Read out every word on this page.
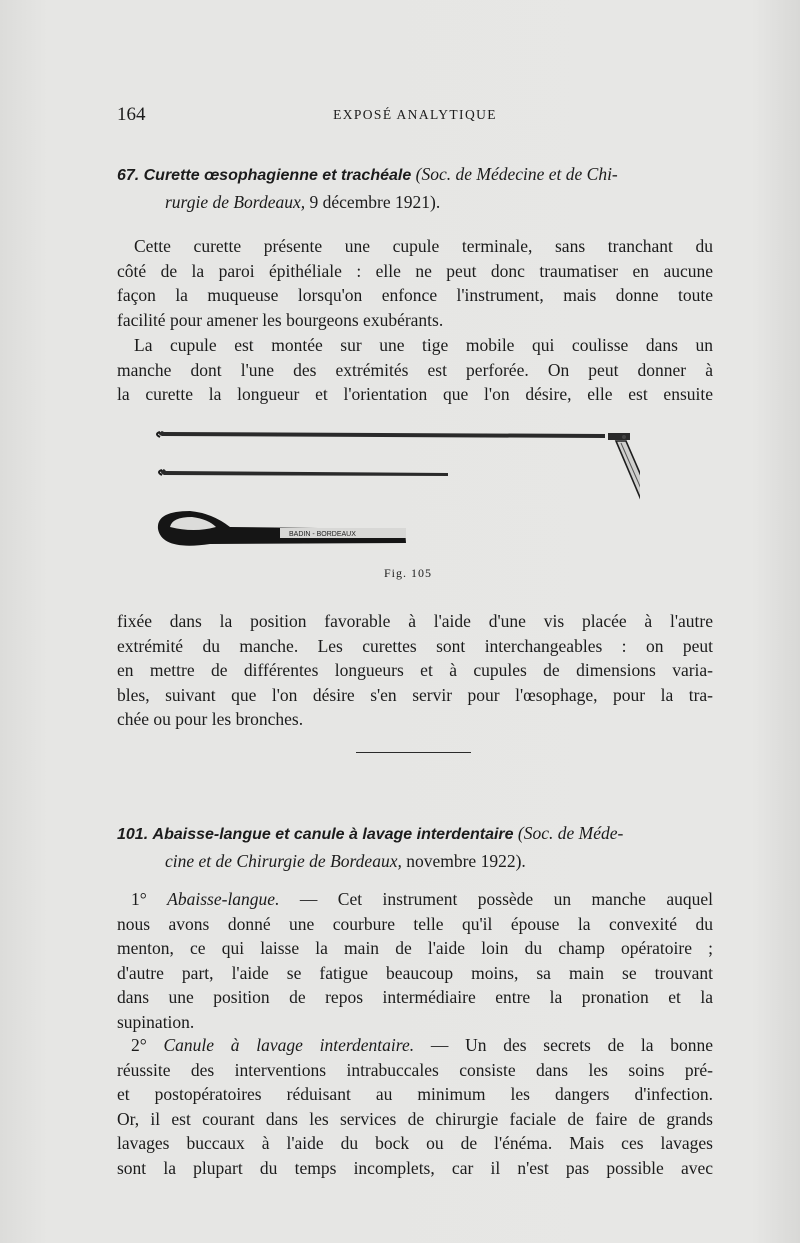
164	EXPOSÉ ANALYTIQUE
67. Curette œsophagienne et trachéale (Soc. de Médecine et de Chi-
rurgie de Bordeaux, 9 décembre 1921).
Cette curette présente une cupule terminale, sans tranchant du
côté de la paroi épithéliale : elle ne peut donc traumatiser en aucune
façon la muqueuse lorsqu'on enfonce l'instrument, mais donne toute
facilité pour amener les bourgeons exubérants.
La cupule est montée sur une tige mobile qui coulisse dans un
manche dont l'une des extrémités est perforée. On peut donner à
la curette la longueur et l'orientation que l'on désire, elle est ensuite
BADIN - BORDEAUX
Fig. 105
fixée dans la position favorable à l'aide d'une vis placée à l'autre
extrémité du manche. Les curettes sont interchangeables : on peut
en mettre de différentes longueurs et à cupules de dimensions varia-
bles, suivant que l'on désire s'en servir pour l'œsophage, pour la tra-
chée ou pour les bronches.
101. Abaisse-langue et canule à lavage interdentaire (Soc. de Méde-
cine et de Chirurgie de Bordeaux, novembre 1922).
1° Abaisse-langue. — Cet instrument possède un manche auquel
nous avons donné une courbure telle qu'il épouse la convexité du
menton, ce qui laisse la main de l'aide loin du champ opératoire ;
d'autre part, l'aide se fatigue beaucoup moins, sa main se trouvant
dans une position de repos intermédiaire entre la pronation et la
supination.
2° Canule à lavage interdentaire. — Un des secrets de la bonne
réussite des interventions intrabuccales consiste dans les soins pré-
et postopératoires réduisant au minimum les dangers d'infection.
Or, il est courant dans les services de chirurgie faciale de faire de grands
lavages buccaux à l'aide du bock ou de l'énéma. Mais ces lavages
sont la plupart du temps incomplets, car il n'est pas possible avec
